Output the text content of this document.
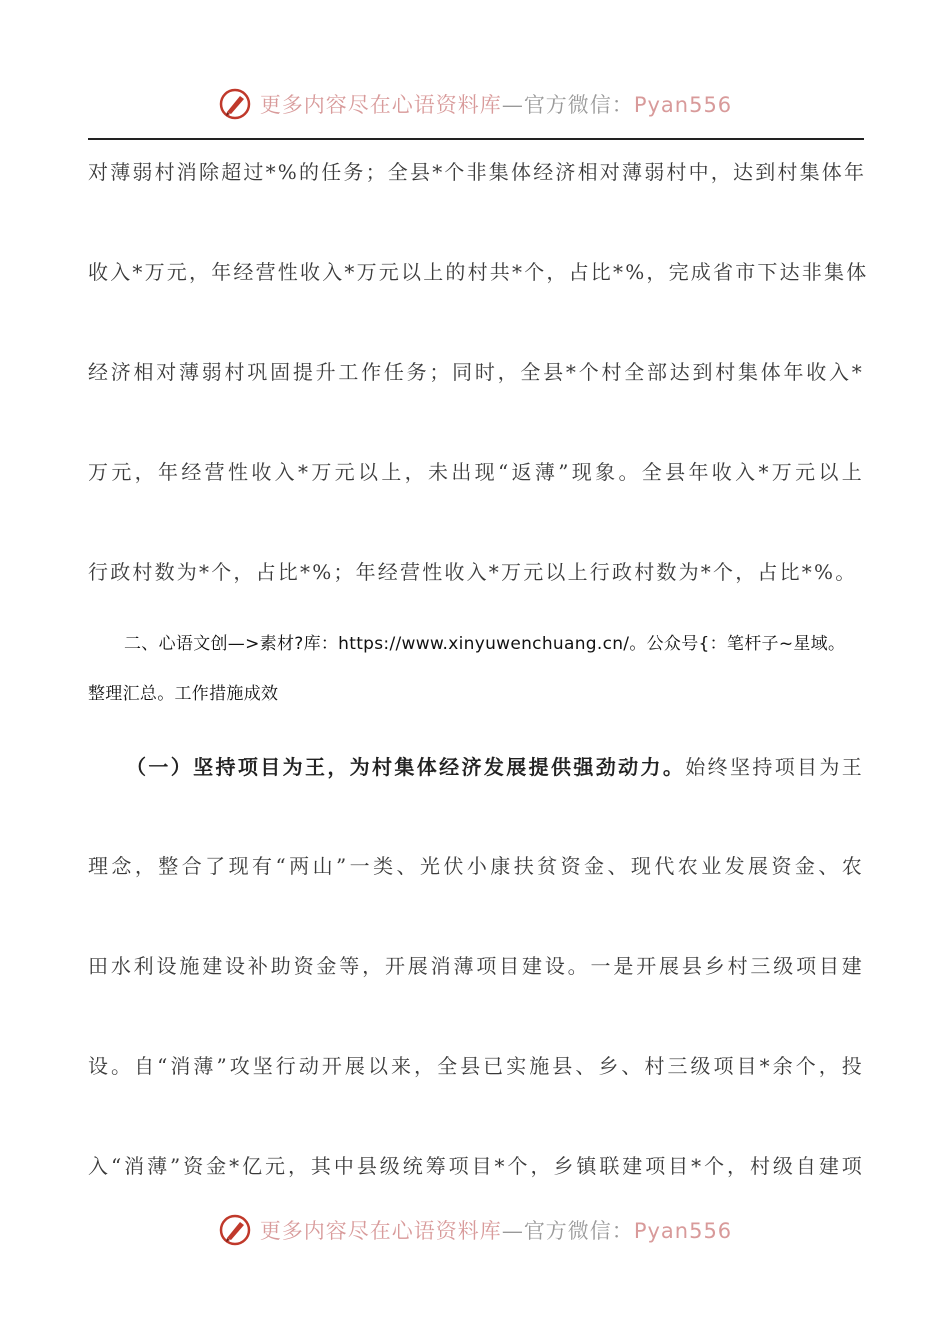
更多内容尽在心语资料库—官方微信：Pyan556
对薄弱村消除超过*%的任务；全县*个非集体经济相对薄弱村中，达到村集体年
收入*万元，年经营性收入*万元以上的村共*个，占比*%，完成省市下达非集体
经济相对薄弱村巩固提升工作任务；同时，全县*个村全部达到村集体年收入*
万元，年经营性收入*万元以上，未出现“返薄”现象。全县年收入*万元以上
行政村数为*个，占比*%；年经营性收入*万元以上行政村数为*个，占比*%。
二、心语文创—>素材?库：https://www.xinyuwenchuang.cn/。公众号{：笔杆子~星域。
整理汇总。工作措施成效
（一）坚持项目为王，为村集体经济发展提供强劲动力。始终坚持项目为王
理念，整合了现有“两山”一类、光伏小康扶贫资金、现代农业发展资金、农
田水利设施建设补助资金等，开展消薄项目建设。一是开展县乡村三级项目建
设。自“消薄”攻坚行动开展以来，全县已实施县、乡、村三级项目*余个，投
入“消薄”资金*亿元，其中县级统筹项目*个，乡镇联建项目*个，村级自建项
更多内容尽在心语资料库—官方微信：Pyan556
